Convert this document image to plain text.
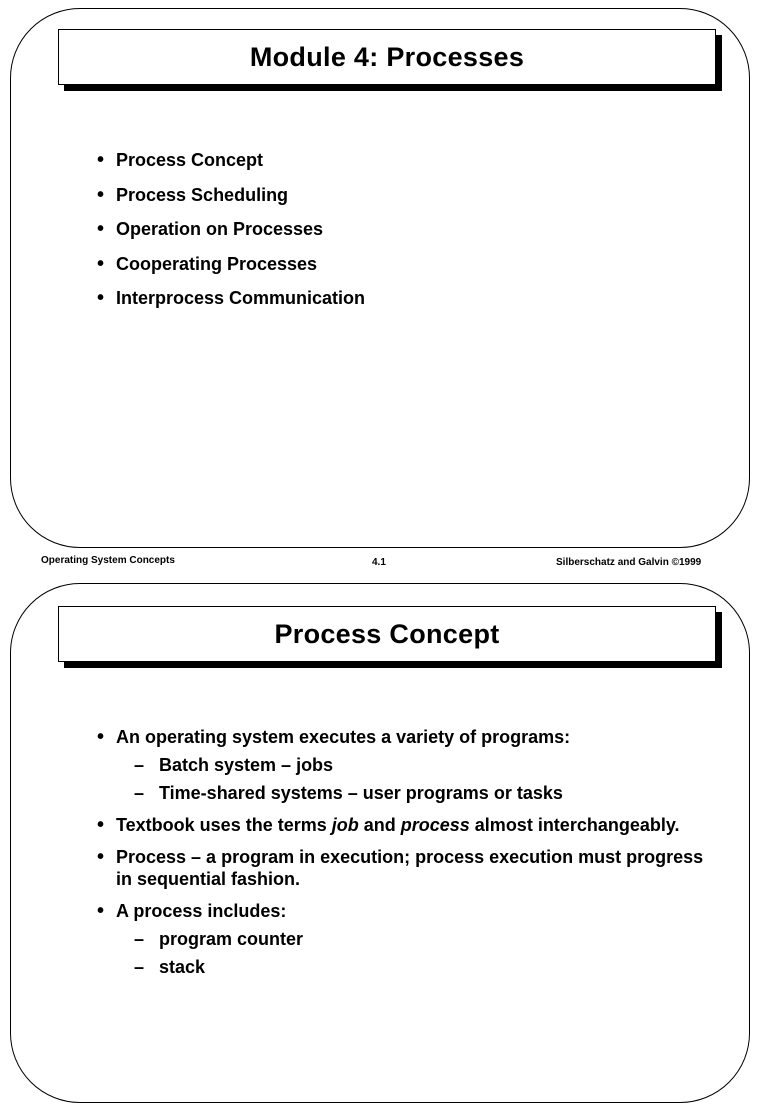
Module 4: Processes
• Process Concept
• Process Scheduling
• Operation on Processes
• Cooperating Processes
• Interprocess Communication
Operating System Concepts	4.1	Silberschatz and Galvin ©1999
Process Concept
• An operating system executes a variety of programs:
– Batch system – jobs
– Time-shared systems – user programs or tasks
• Textbook uses the terms job and process almost interchangeably.
• Process – a program in execution; process execution must progress in sequential fashion.
• A process includes:
– program counter
– stack
